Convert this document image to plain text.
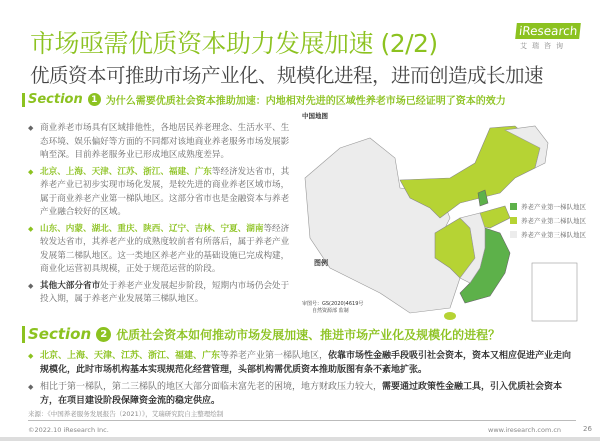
市场亟需优质资本助力发展加速 (2/2)	iResearch
艾瑞咨询
优质资本可推助市场产业化、规模化进程，进而创造成长加速
Section 1 为什么需要优质社会资本推助加速：内地相对先进的区域性养老市场已经证明了资本的效力
◆ 商业养老市场具有区域排他性，各地居民养老理念、生活水平、生态环境、娱乐偏好等方面的不同都对该地商业养老服务市场发展影响至深。目前养老服务业已形成地区成熟度差异。
◆ 北京、上海、天津、江苏、浙江、福建、广东等经济发达省市，其养老产业已初步实现市场化发展，是较先进的商业养老区域市场，属于商业养老产业第一梯队地区。这部分省市也是金融资本与养老产业融合较好的区域。
◆ 山东、内蒙、湖北、重庆、陕西、辽宁、吉林、宁夏、湖南等经济较发达省市，其养老产业的成熟度较前者有所落后，属于养老产业发展第二梯队地区。这一类地区养老产业的基础设施已完成构建，商业化运营初具规模，正处于规范运营的阶段。
◆ 其他大部分省市处于养老产业发展起步阶段，短期内市场仍会处于投入期，属于养老产业发展第三梯队地区。
中国地图
养老产业第一梯队地区
养老产业第二梯队地区
养老产业第三梯队地区
图例
审图号：GS(2020)4619号
自然资源部 监制
Section 2 优质社会资本如何推动市场发展加速、推进市场产业化及规模化的进程？
◆ 北京、上海、天津、江苏、浙江、福建、广东等养老产业第一梯队地区，依靠市场性金融手段吸引社会资本，资本又相应促进产业走向规模化，此时市场机构基本实现规范化经营管理，头部机构需优质资本推助版图有条不紊地扩张。
◆ 相比于第一梯队，第二三梯队的地区大部分面临未富先老的困境，地方财政压力较大，需要通过政策性金融工具，引入优质社会资本方，在项目建设阶段保障资金流的稳定供应。
来源：《中国养老服务发展报告（2021）》，艾瑞研究院自主整理绘制
©2022.10 iResearch Inc.	www.iresearch.com.cn	26
